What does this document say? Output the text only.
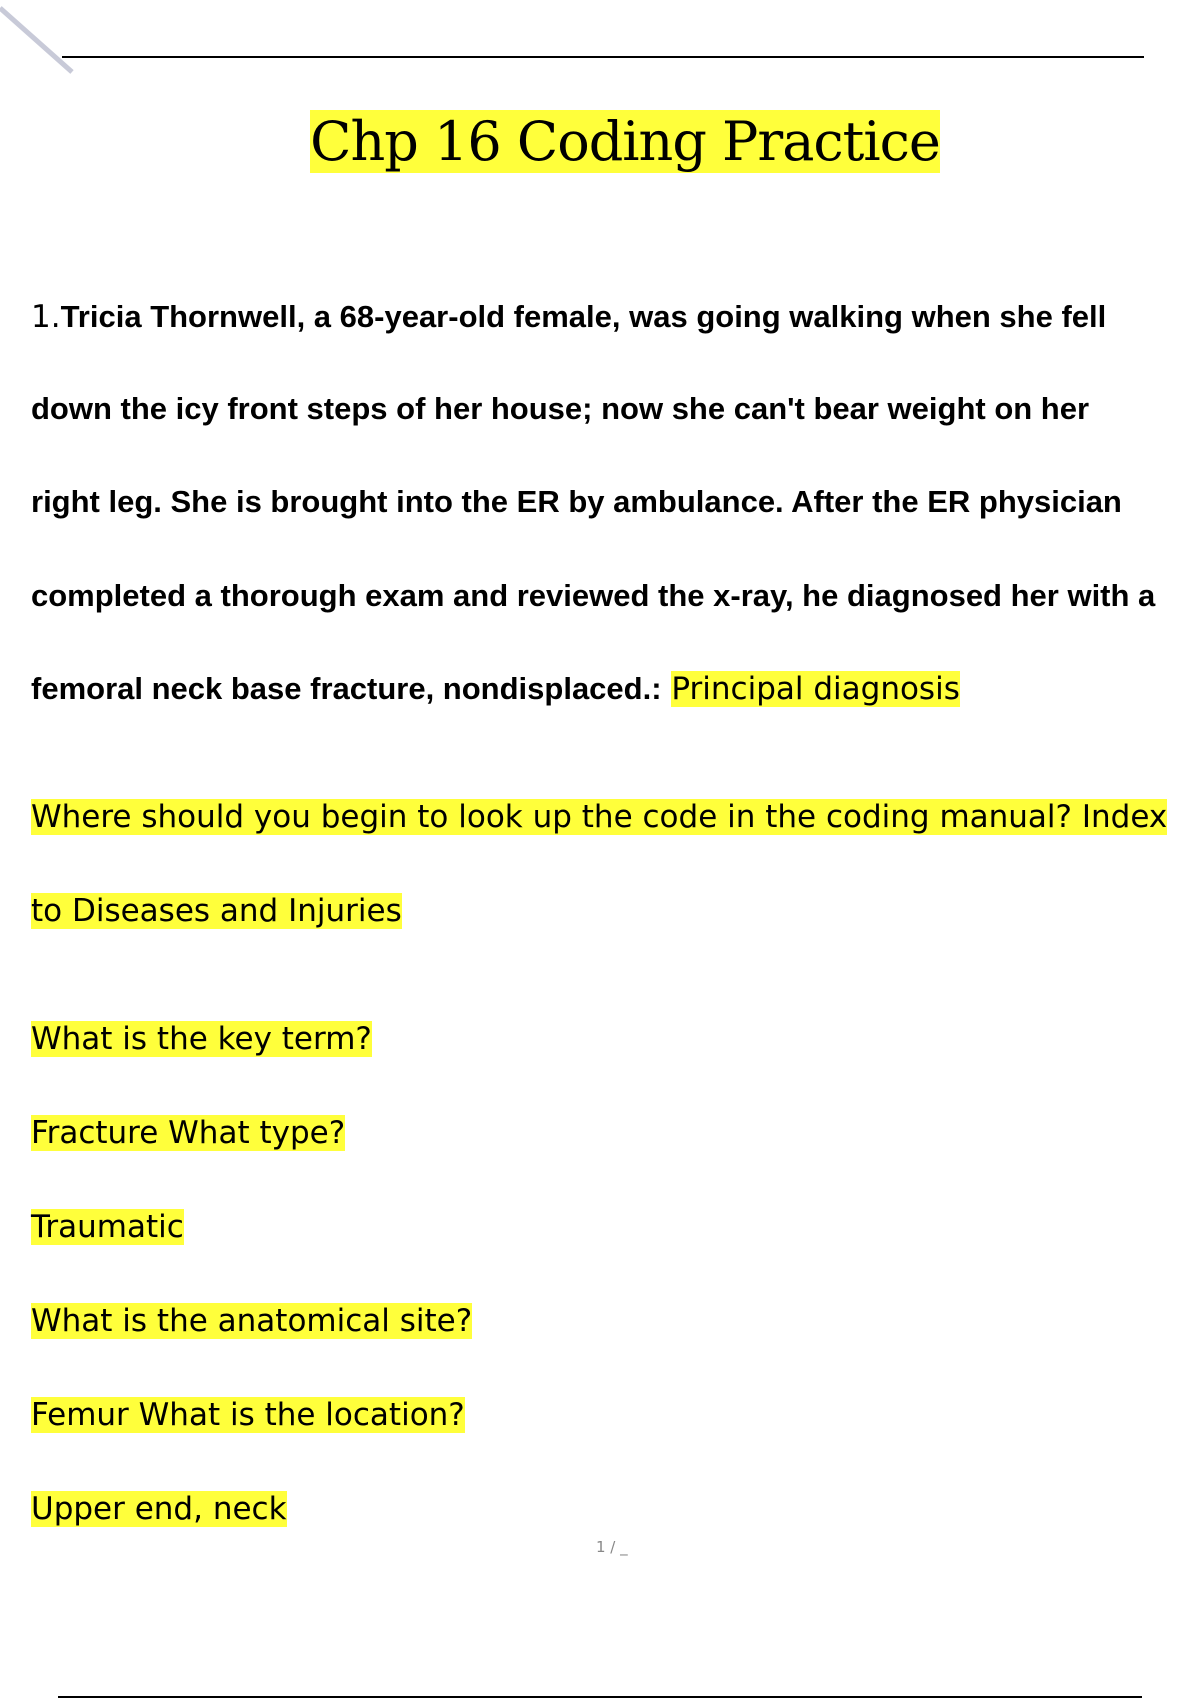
Chp 16 Coding Practice
1.Tricia Thornwell, a 68-year-old female, was going walking when she fell
down the icy front steps of her house; now she can't bear weight on her
right leg. She is brought into the ER by ambulance. After the ER physician
completed a thorough exam and reviewed the x-ray, he diagnosed her with a
femoral neck base fracture, nondisplaced.: Principal diagnosis
Where should you begin to look up the code in the coding manual? Index
to Diseases and Injuries
What is the key term?
Fracture What type?
Traumatic
What is the anatomical site?
Femur What is the location?
Upper end, neck
1 / _
